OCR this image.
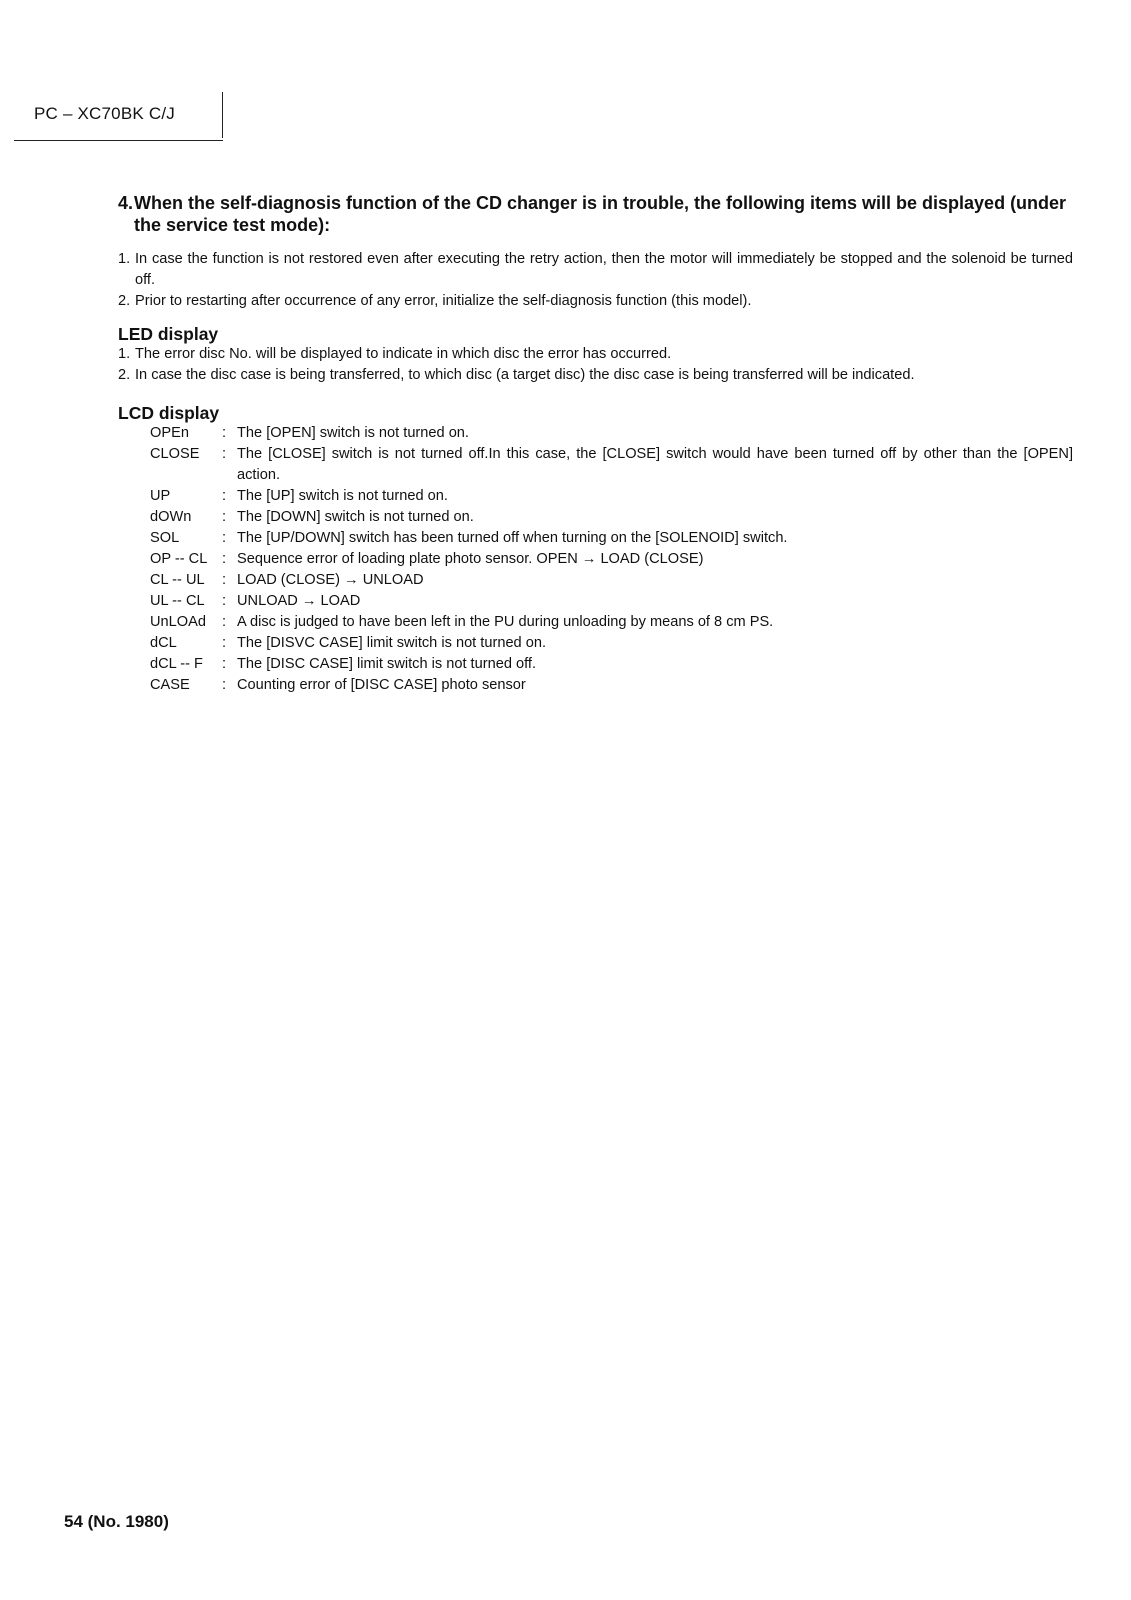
PC – XC70BK C/J
4. When the self-diagnosis function of the CD changer is in trouble, the following items will be displayed (under the service test mode):
1. In case the function is not restored even after executing the retry action, then the motor will immediately be stopped and the solenoid be turned off.
2. Prior to restarting after occurrence of any error, initialize the self-diagnosis function (this model).
LED display
1. The error disc No. will be displayed to indicate in which disc the error has occurred.
2. In case the disc case is being transferred, to which disc (a target disc) the disc case is being transferred will be indicated.
LCD display
OPEn	: The [OPEN] switch is not turned on.
CLOSE	: The [CLOSE] switch is not turned off.In this case, the [CLOSE] switch would have been turned off by other than the [OPEN] action.
UP	: The [UP] switch is not turned on.
dOWn	: The [DOWN] switch is not turned on.
SOL	: The [UP/DOWN] switch has been turned off when turning on the [SOLENOID] switch.
OP -- CL	: Sequence error of loading plate photo sensor. OPEN → LOAD (CLOSE)
CL -- UL	: LOAD (CLOSE) → UNLOAD
UL -- CL	: UNLOAD → LOAD
UnLOAd	: A disc is judged to have been left in the PU during unloading by means of 8 cm PS.
dCL	: The [DISVC CASE] limit switch is not turned on.
dCL -- F	: The [DISC CASE] limit switch is not turned off.
CASE	: Counting error of [DISC CASE] photo sensor
54 (No. 1980)
